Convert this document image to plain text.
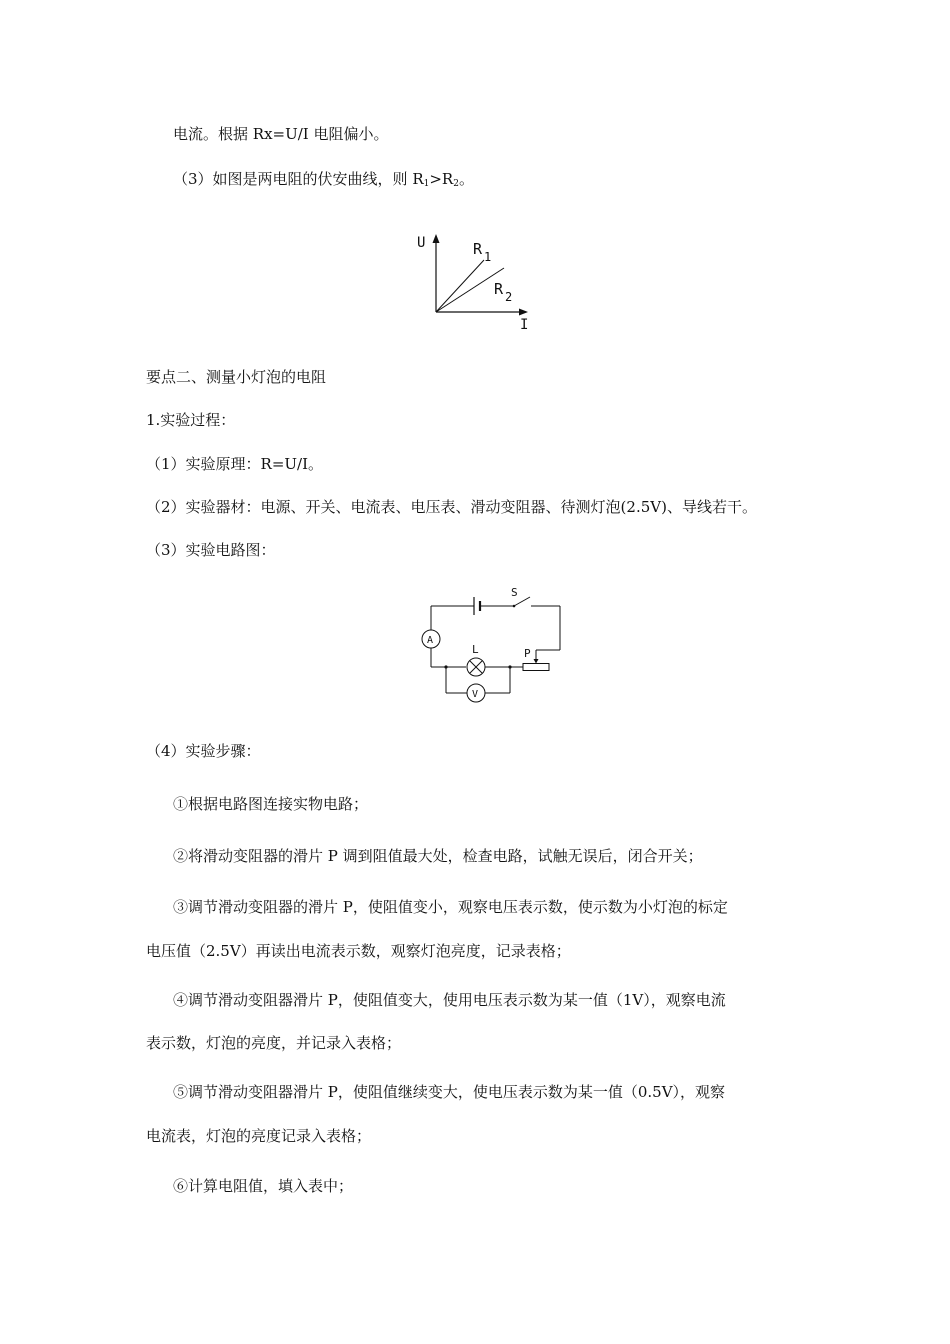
电流。根据 Rx=U/I 电阻偏小。
（3）如图是两电阻的伏安曲线，则 $R_1>R_2$。
U
I
R 1
R 2
要点二、测量小灯泡的电阻
1.实验过程：
（1）实验原理：R=U/I。
（2）实验器材：电源、开关、电流表、电压表、滑动变阻器、待测灯泡(2.5V)、导线若干。
（3）实验电路图：
S
A
L	P
V
（4）实验步骤：
①根据电路图连接实物电路；
②将滑动变阻器的滑片 P 调到阻值最大处，检查电路，试触无误后，闭合开关；
③调节滑动变阻器的滑片 P，使阻值变小，观察电压表示数，使示数为小灯泡的标定
电压值（2.5V）再读出电流表示数，观察灯泡亮度，记录表格；
④调节滑动变阻器滑片 P，使阻值变大，使用电压表示数为某一值（1V），观察电流
表示数，灯泡的亮度，并记录入表格；
⑤调节滑动变阻器滑片 P，使阻值继续变大，使电压表示数为某一值（0.5V），观察
电流表，灯泡的亮度记录入表格；
⑥计算电阻值，填入表中；
